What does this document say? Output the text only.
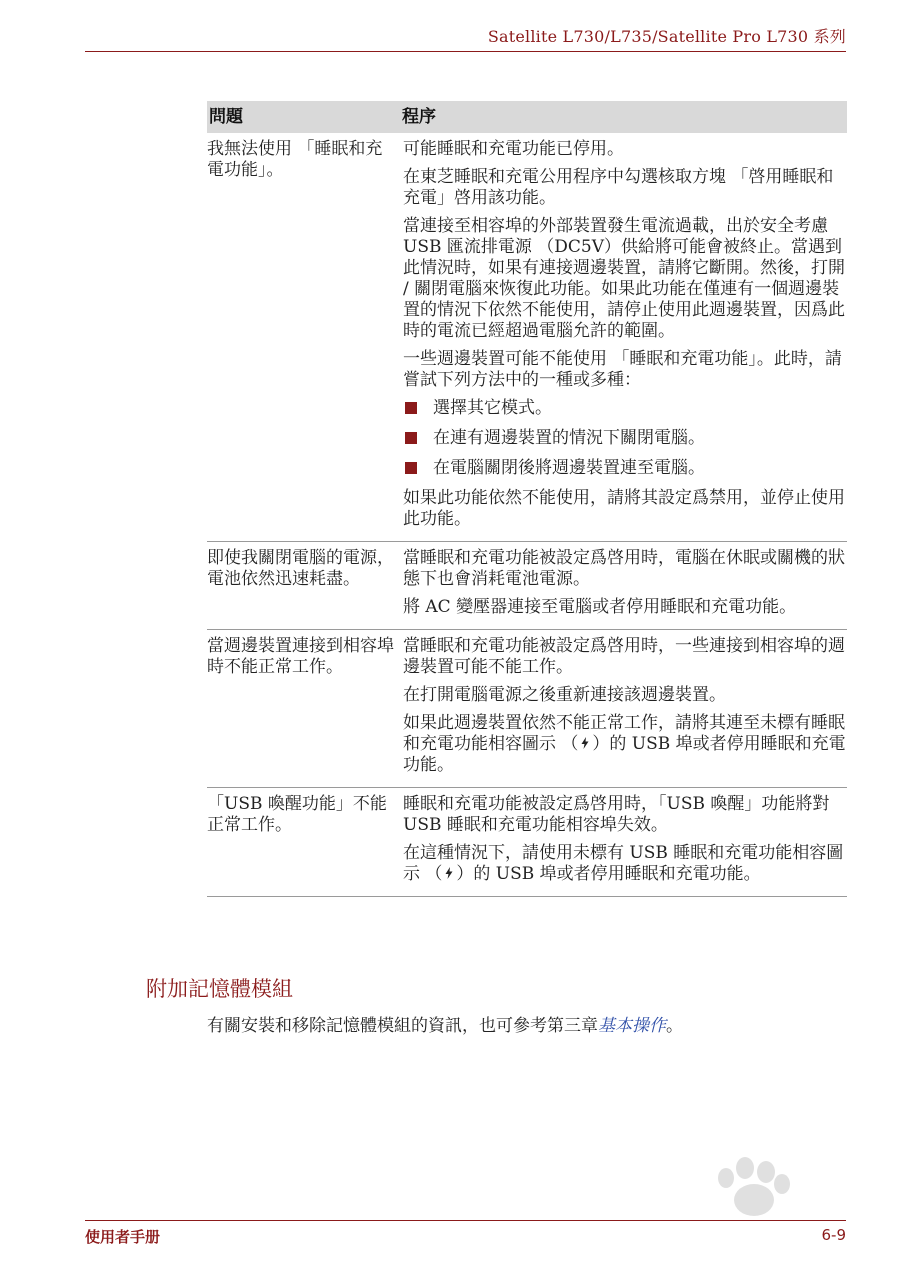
Satellite L730/L735/Satellite Pro L730 系列
問題	程序
我無法使用 「睡眠和充電功能」。

可能睡眠和充電功能已停用。

在東芝睡眠和充電公用程序中勾選核取方塊 「啓用睡眠和充電」啓用該功能。

當連接至相容埠的外部裝置發生電流過載，出於安全考慮 USB 匯流排電源 （DC5V）供給將可能會被終止。當遇到此情況時，如果有連接週邊裝置，請將它斷開。然後，打開 / 關閉電腦來恢復此功能。如果此功能在僅連有一個週邊裝置的情況下依然不能使用，請停止使用此週邊裝置，因爲此時的電流已經超過電腦允許的範圍。

一些週邊裝置可能不能使用 「睡眠和充電功能」。此時，請嘗試下列方法中的一種或多種：

選擇其它模式。
在連有週邊裝置的情況下關閉電腦。
在電腦關閉後將週邊裝置連至電腦。

如果此功能依然不能使用，請將其設定爲禁用，並停止使用此功能。

即使我關閉電腦的電源，電池依然迅速耗盡。

當睡眠和充電功能被設定爲啓用時，電腦在休眠或關機的狀態下也會消耗電池電源。

將 AC 變壓器連接至電腦或者停用睡眠和充電功能。

當週邊裝置連接到相容埠時不能正常工作。

當睡眠和充電功能被設定爲啓用時，一些連接到相容埠的週邊裝置可能不能工作。

在打開電腦電源之後重新連接該週邊裝置。

如果此週邊裝置依然不能正常工作，請將其連至未標有睡眠和充電功能相容圖示 （ ）的 USB 埠或者停用睡眠和充電功能。

「USB 喚醒功能」不能正常工作。

睡眠和充電功能被設定爲啓用時，「USB 喚醒」功能將對 USB 睡眠和充電功能相容埠失效。

在這種情況下，請使用未標有 USB 睡眠和充電功能相容圖示 （ ）的 USB 埠或者停用睡眠和充電功能。

附加記憶體模組
有關安裝和移除記憶體模組的資訊，也可參考第三章基本操作。
使用者手册	6-9
